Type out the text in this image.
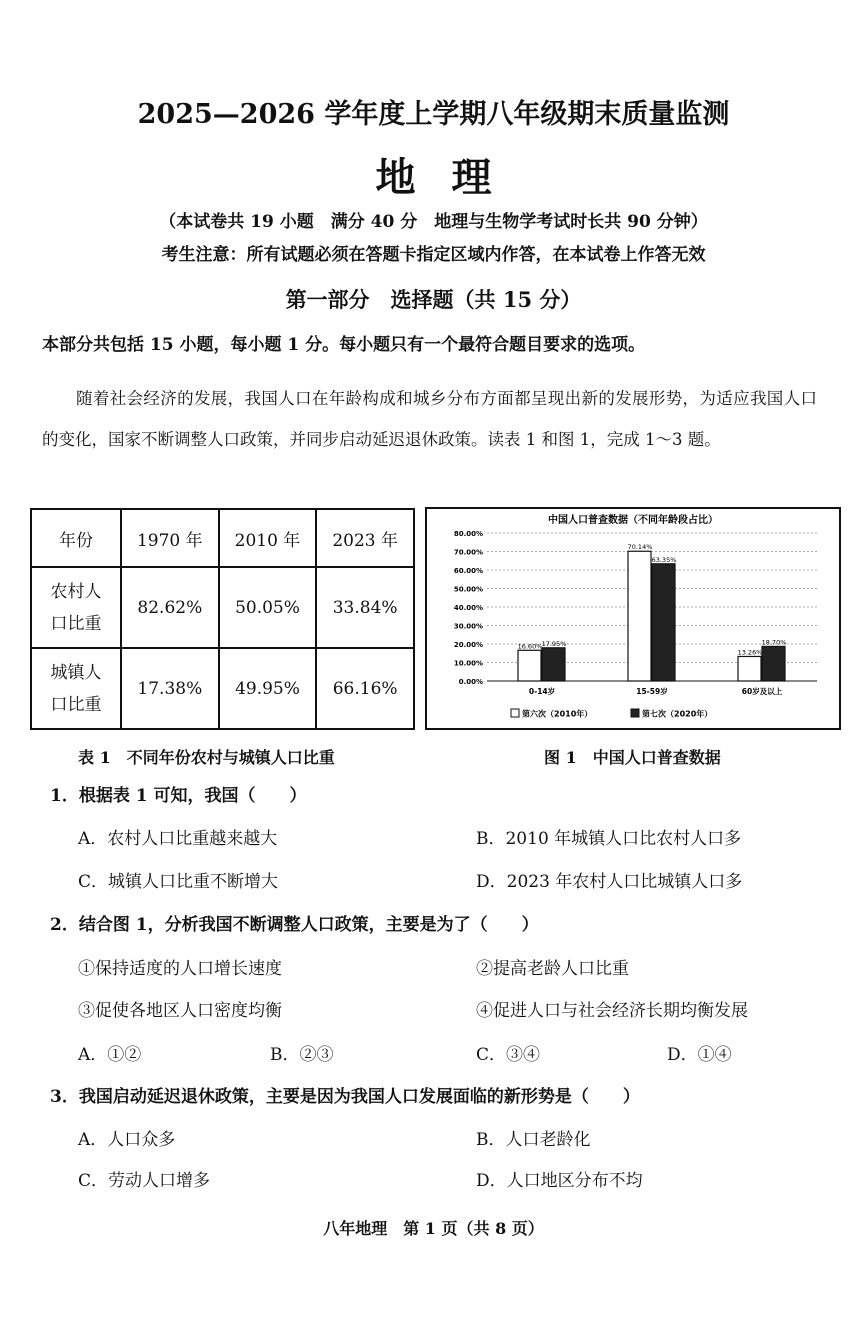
2025—2026 学年度上学期八年级期末质量监测
地 理
（本试卷共 19 小题　满分 40 分　地理与生物学考试时长共 90 分钟）
考生注意：所有试题必须在答题卡指定区域内作答，在本试卷上作答无效
第一部分　选择题（共 15 分）
本部分共包括 15 小题，每小题 1 分。每小题只有一个最符合题目要求的选项。
随着社会经济的发展，我国人口在年龄构成和城乡分布方面都呈现出新的发展形势，为适应我国人口的变化，国家不断调整人口政策，并同步启动延迟退休政策。读表 1 和图 1，完成 1～3 题。
年份	1970 年	2010 年	2023 年
农村人
口比重	82.62%	50.05%	33.84%
城镇人
口比重	17.38%	49.95%	66.16%
中国人口普查数据（不同年龄段占比）
80.00%
70.00%
60.00%
50.00%
40.00%
30.00%
20.00%
10.00%
0.00%
16.60% 17.95%
0-14岁
70.14%
63.35%
15-59岁
13.26%
18.70%
60岁及以上
第六次（2010年）	第七次（2020年）
表 1　不同年份农村与城镇人口比重	图 1　中国人口普查数据
1．根据表 1 可知，我国（　　）
A．农村人口比重越来越大	B．2010 年城镇人口比农村人口多
C．城镇人口比重不断增大	D．2023 年农村人口比城镇人口多
2．结合图 1，分析我国不断调整人口政策，主要是为了（　　）
①保持适度的人口增长速度	②提高老龄人口比重
③促使各地区人口密度均衡	④促进人口与社会经济长期均衡发展
A．①②	B．②③	C．③④	D．①④
3．我国启动延迟退休政策，主要是因为我国人口发展面临的新形势是（　　）
A．人口众多	B．人口老龄化
C．劳动人口增多	D．人口地区分布不均
八年地理　第 1 页（共 8 页）
